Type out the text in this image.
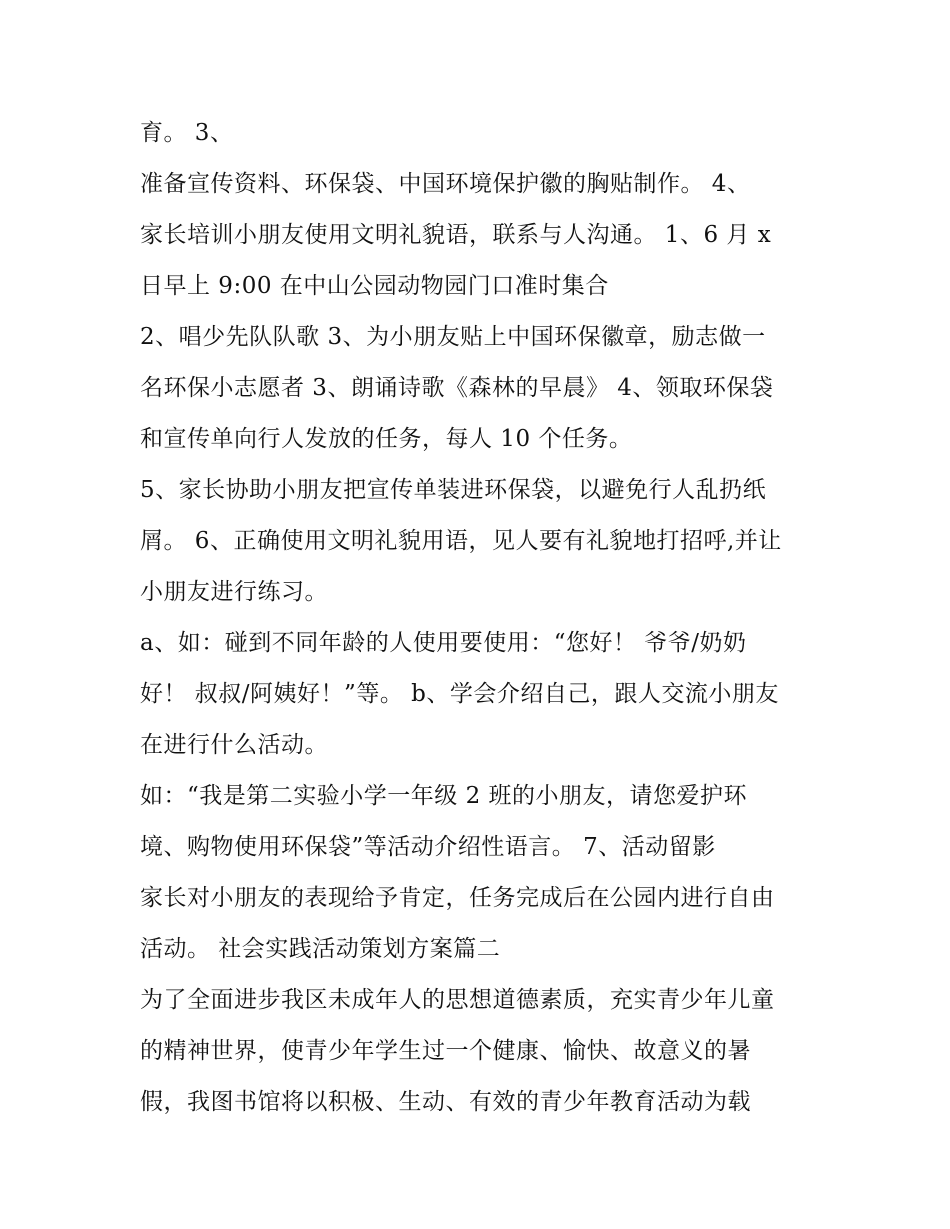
育。 3、
准备宣传资料、环保袋、中国环境保护徽的胸贴制作。 4、
家长培训小朋友使用文明礼貌语，联系与人沟通。 1、6 月 x
日早上 9:00 在中山公园动物园门口准时集合
2、唱少先队队歌 3、为小朋友贴上中国环保徽章，励志做一
名环保小志愿者 3、朗诵诗歌《森林的早晨》 4、领取环保袋
和宣传单向行人发放的任务，每人 10 个任务。
5、家长协助小朋友把宣传单装进环保袋，以避免行人乱扔纸
屑。 6、正确使用文明礼貌用语，见人要有礼貌地打招呼,并让
小朋友进行练习。
a、如：碰到不同年龄的人使用要使用：“您好！ 爷爷/奶奶
好！ 叔叔/阿姨好！”等。 b、学会介绍自己，跟人交流小朋友
在进行什么活动。
如：“我是第二实验小学一年级 2 班的小朋友，请您爱护环
境、购物使用环保袋”等活动介绍性语言。 7、活动留影
家长对小朋友的表现给予肯定，任务完成后在公园内进行自由
活动。 社会实践活动策划方案篇二
为了全面进步我区未成年人的思想道德素质，充实青少年儿童
的精神世界，使青少年学生过一个健康、愉快、故意义的暑
假，我图书馆将以积极、生动、有效的青少年教育活动为载
